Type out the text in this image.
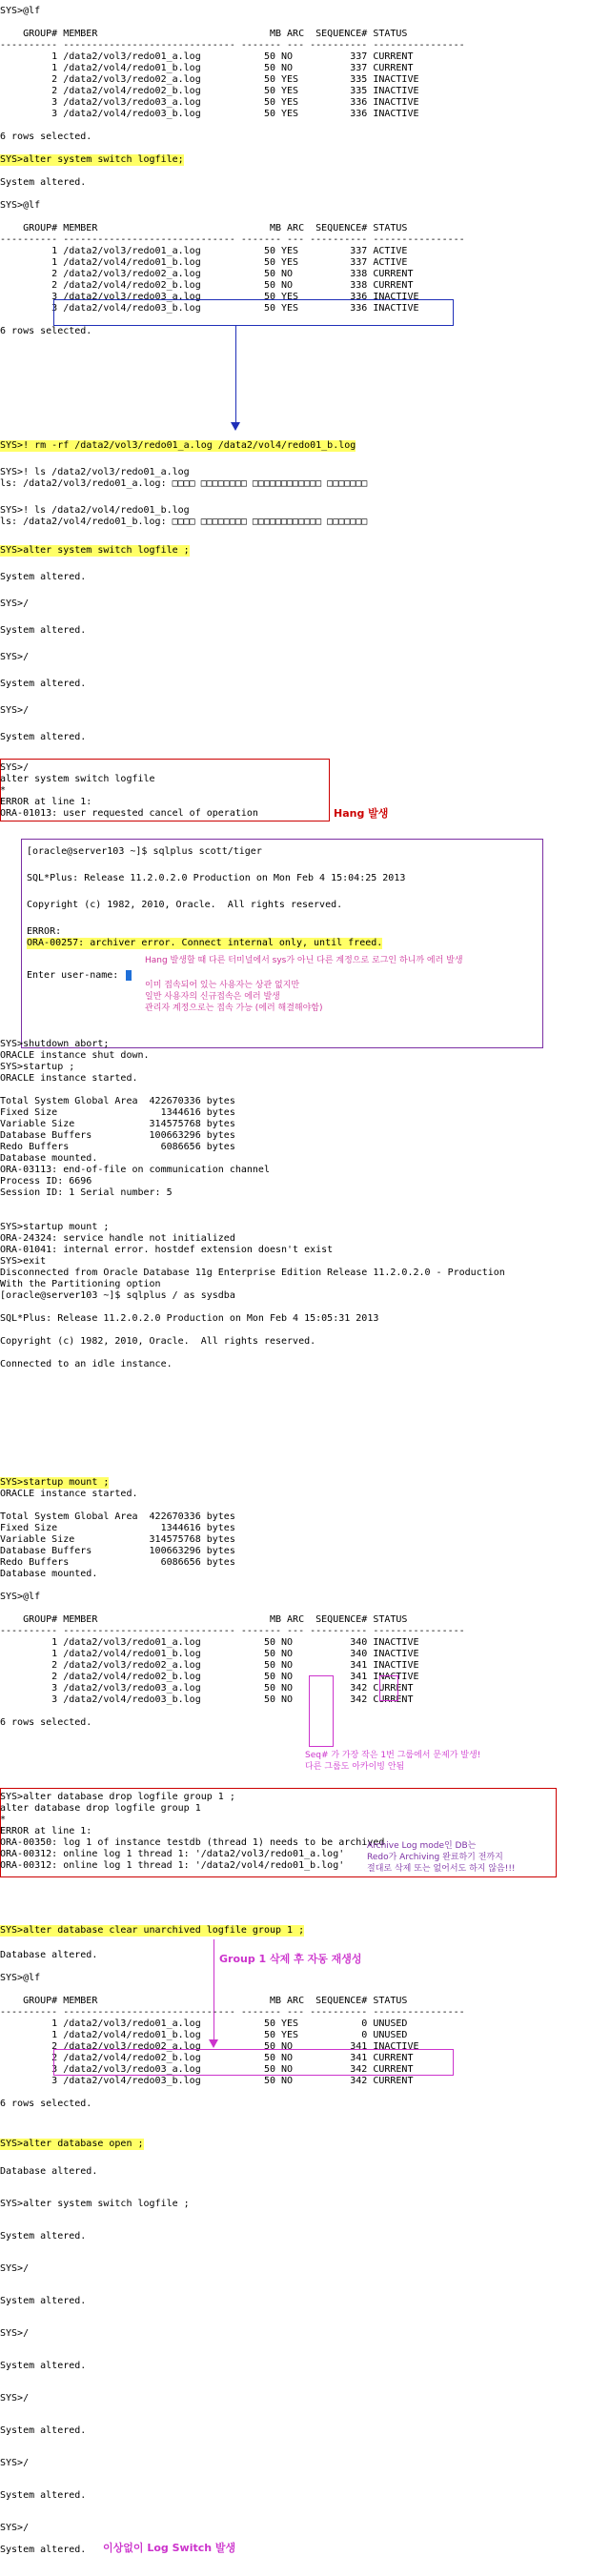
SYS>@lf
GROUP# MEMBER                              MB ARC  SEQUENCE# STATUS
---------- ------------------------------ ------- --- ---------- ----------------
1 /data2/vol3/redo01_a.log           50 NO          337 CURRENT
1 /data2/vol4/redo01_b.log           50 NO          337 CURRENT
2 /data2/vol3/redo02_a.log           50 YES         335 INACTIVE
2 /data2/vol4/redo02_b.log           50 YES         335 INACTIVE
3 /data2/vol3/redo03_a.log           50 YES         336 INACTIVE
3 /data2/vol4/redo03_b.log           50 YES         336 INACTIVE
6 rows selected.
SYS>alter system switch logfile;
System altered.
SYS>@lf
GROUP# MEMBER                              MB ARC  SEQUENCE# STATUS
---------- ------------------------------ ------- --- ---------- ----------------
1 /data2/vol3/redo01_a.log           50 YES         337 ACTIVE
1 /data2/vol4/redo01_b.log           50 YES         337 ACTIVE
2 /data2/vol3/redo02_a.log           50 NO          338 CURRENT
2 /data2/vol4/redo02_b.log           50 NO          338 CURRENT
3 /data2/vol3/redo03_a.log           50 YES         336 INACTIVE
3 /data2/vol4/redo03_b.log           50 YES         336 INACTIVE
6 rows selected.
SYS>! rm -rf /data2/vol3/redo01_a.log /data2/vol4/redo01_b.log
SYS>! ls /data2/vol3/redo01_a.log
ls: /data2/vol3/redo01_a.log: □□□□ □□□□□□□□ □□□□□□□□□□□□ □□□□□□□
SYS>! ls /data2/vol4/redo01_b.log
ls: /data2/vol4/redo01_b.log: □□□□ □□□□□□□□ □□□□□□□□□□□□ □□□□□□□
SYS>alter system switch logfile ;
System altered.
SYS>/
System altered.
SYS>/
System altered.
SYS>/
System altered.
SYS>/
alter system switch logfile
*
ERROR at line 1:
ORA-01013: user requested cancel of operation	Hang 발생
[oracle@server103 ~]$ sqlplus scott/tiger
SQL*Plus: Release 11.2.0.2.0 Production on Mon Feb 4 15:04:25 2013
Copyright (c) 1982, 2010, Oracle.  All rights reserved.
ERROR:
ORA-00257: archiver error. Connect internal only, until freed.
Hang 발생할 때 다른 터미널에서 sys가 아닌 다른 계정으로 로그인 하니까 에러 발생
Enter user-name:
이미 접속되어 있는 사용자는 상관 없지만
일반 사용자의 신규접속은 에러 발생
관리자 계정으로는 접속 가능 (에러 해결해야함)
SYS>shutdown abort;
ORACLE instance shut down.
SYS>startup ;
ORACLE instance started.
Total System Global Area  422670336 bytes
Fixed Size                  1344616 bytes
Variable Size             314575768 bytes
Database Buffers          100663296 bytes
Redo Buffers                6086656 bytes
Database mounted.
ORA-03113: end-of-file on communication channel
Process ID: 6696
Session ID: 1 Serial number: 5
SYS>startup mount ;
ORA-24324: service handle not initialized
ORA-01041: internal error. hostdef extension doesn't exist
SYS>exit
Disconnected from Oracle Database 11g Enterprise Edition Release 11.2.0.2.0 - Production
With the Partitioning option
[oracle@server103 ~]$ sqlplus / as sysdba
SQL*Plus: Release 11.2.0.2.0 Production on Mon Feb 4 15:05:31 2013
Copyright (c) 1982, 2010, Oracle.  All rights reserved.
Connected to an idle instance.
SYS>startup mount ;
ORACLE instance started.
Total System Global Area  422670336 bytes
Fixed Size                  1344616 bytes
Variable Size             314575768 bytes
Database Buffers          100663296 bytes
Redo Buffers                6086656 bytes
Database mounted.
SYS>@lf
GROUP# MEMBER                              MB ARC  SEQUENCE# STATUS
---------- ------------------------------ ------- --- ---------- ----------------
1 /data2/vol3/redo01_a.log           50 NO          340 INACTIVE
1 /data2/vol4/redo01_b.log           50 NO          340 INACTIVE
2 /data2/vol3/redo02_a.log           50 NO          341 INACTIVE
2 /data2/vol4/redo02_b.log           50 NO          341 INACTIVE
3 /data2/vol3/redo03_a.log           50 NO          342 CURRENT
3 /data2/vol4/redo03_b.log           50 NO          342 CURRENT
6 rows selected.
Seq# 가 가장 작은 1번 그룹에서 문제가 발생!
다른 그룹도 아카이빙 안됨
SYS>alter database drop logfile group 1 ;
alter database drop logfile group 1
*
ERROR at line 1:
ORA-00350: log 1 of instance testdb (thread 1) needs to be archived
ORA-00312: online log 1 thread 1: '/data2/vol3/redo01_a.log'
ORA-00312: online log 1 thread 1: '/data2/vol4/redo01_b.log'
Archive Log mode인 DB는
Redo가 Archiving 완료하기 전까지
절대로 삭제 또는 없어서도 하지 않음!!!
SYS>alter database clear unarchived logfile group 1 ;
Group 1 삭제 후 자동 재생성
Database altered.
SYS>@lf
GROUP# MEMBER                              MB ARC  SEQUENCE# STATUS
---------- ------------------------------ ------- --- ---------- ----------------
1 /data2/vol3/redo01_a.log           50 YES           0 UNUSED
1 /data2/vol4/redo01_b.log           50 YES           0 UNUSED
2 /data2/vol3/redo02_a.log           50 NO          341 INACTIVE
2 /data2/vol4/redo02_b.log           50 NO          341 CURRENT
3 /data2/vol3/redo03_a.log           50 NO          342 CURRENT
3 /data2/vol4/redo03_b.log           50 NO          342 CURRENT
6 rows selected.
SYS>alter database open ;
Database altered.
SYS>alter system switch logfile ;
System altered.
SYS>/
System altered.
SYS>/
System altered.
SYS>/
System altered.
SYS>/
System altered.
SYS>/
System altered. 이상없이 Log Switch 발생
